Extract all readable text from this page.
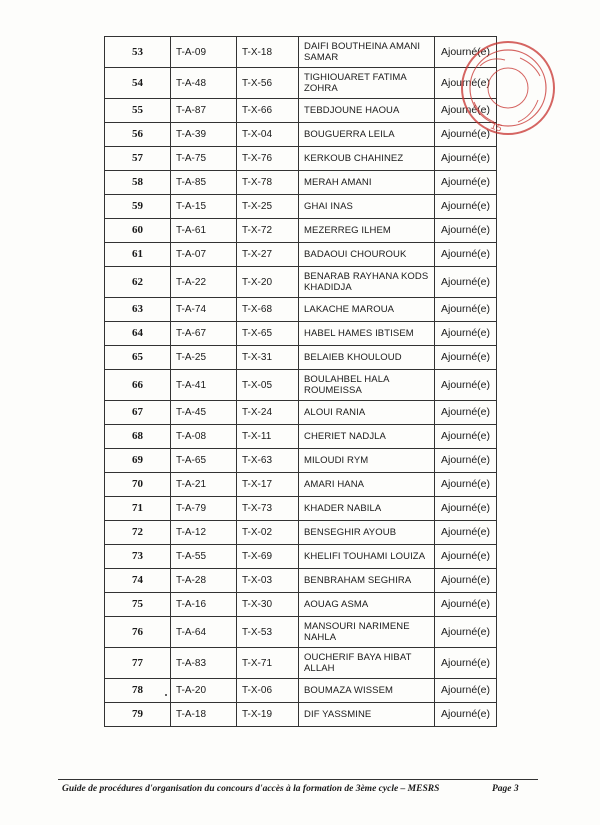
53	T-A-09	T-X-18	DAIFI BOUTHEINA AMANI SAMAR	Ajourné(e)
54	T-A-48	T-X-56	TIGHIOUARET FATIMA ZOHRA	Ajourné(e)
55	T-A-87	T-X-66	TEBDJOUNE HAOUA	Ajourné(e)
56	T-A-39	T-X-04	BOUGUERRA LEILA	Ajourné(e)
57	T-A-75	T-X-76	KERKOUB CHAHINEZ	Ajourné(e)
58	T-A-85	T-X-78	MERAH AMANI	Ajourné(e)
59	T-A-15	T-X-25	GHAI INAS	Ajourné(e)
60	T-A-61	T-X-72	MEZERREG ILHEM	Ajourné(e)
61	T-A-07	T-X-27	BADAOUI CHOUROUK	Ajourné(e)
62	T-A-22	T-X-20	BENARAB RAYHANA KODS KHADIDJA	Ajourné(e)
63	T-A-74	T-X-68	LAKACHE MAROUA	Ajourné(e)
64	T-A-67	T-X-65	HABEL HAMES IBTISEM	Ajourné(e)
65	T-A-25	T-X-31	BELAIEB KHOULOUD	Ajourné(e)
66	T-A-41	T-X-05	BOULAHBEL HALA ROUMEISSA	Ajourné(e)
67	T-A-45	T-X-24	ALOUI RANIA	Ajourné(e)
68	T-A-08	T-X-11	CHERIET NADJLA	Ajourné(e)
69	T-A-65	T-X-63	MILOUDI RYM	Ajourné(e)
70	T-A-21	T-X-17	AMARI HANA	Ajourné(e)
71	T-A-79	T-X-73	KHADER NABILA	Ajourné(e)
72	T-A-12	T-X-02	BENSEGHIR AYOUB	Ajourné(e)
73	T-A-55	T-X-69	KHELIFI TOUHAMI LOUIZA	Ajourné(e)
74	T-A-28	T-X-03	BENBRAHAM SEGHIRA	Ajourné(e)
75	T-A-16	T-X-30	AOUAG ASMA	Ajourné(e)
76	T-A-64	T-X-53	MANSOURI NARIMENE NAHLA	Ajourné(e)
77	T-A-83	T-X-71	OUCHERIF BAYA HIBAT ALLAH	Ajourné(e)
78	T-A-20	T-X-06	BOUMAZA WISSEM	Ajourné(e)
79	T-A-18	T-X-19	DIF YASSMINE	Ajourné(e)
15
Guide de procédures d'organisation du concours d'accès à la formation de 3ème cycle – MESRS	Page 3
